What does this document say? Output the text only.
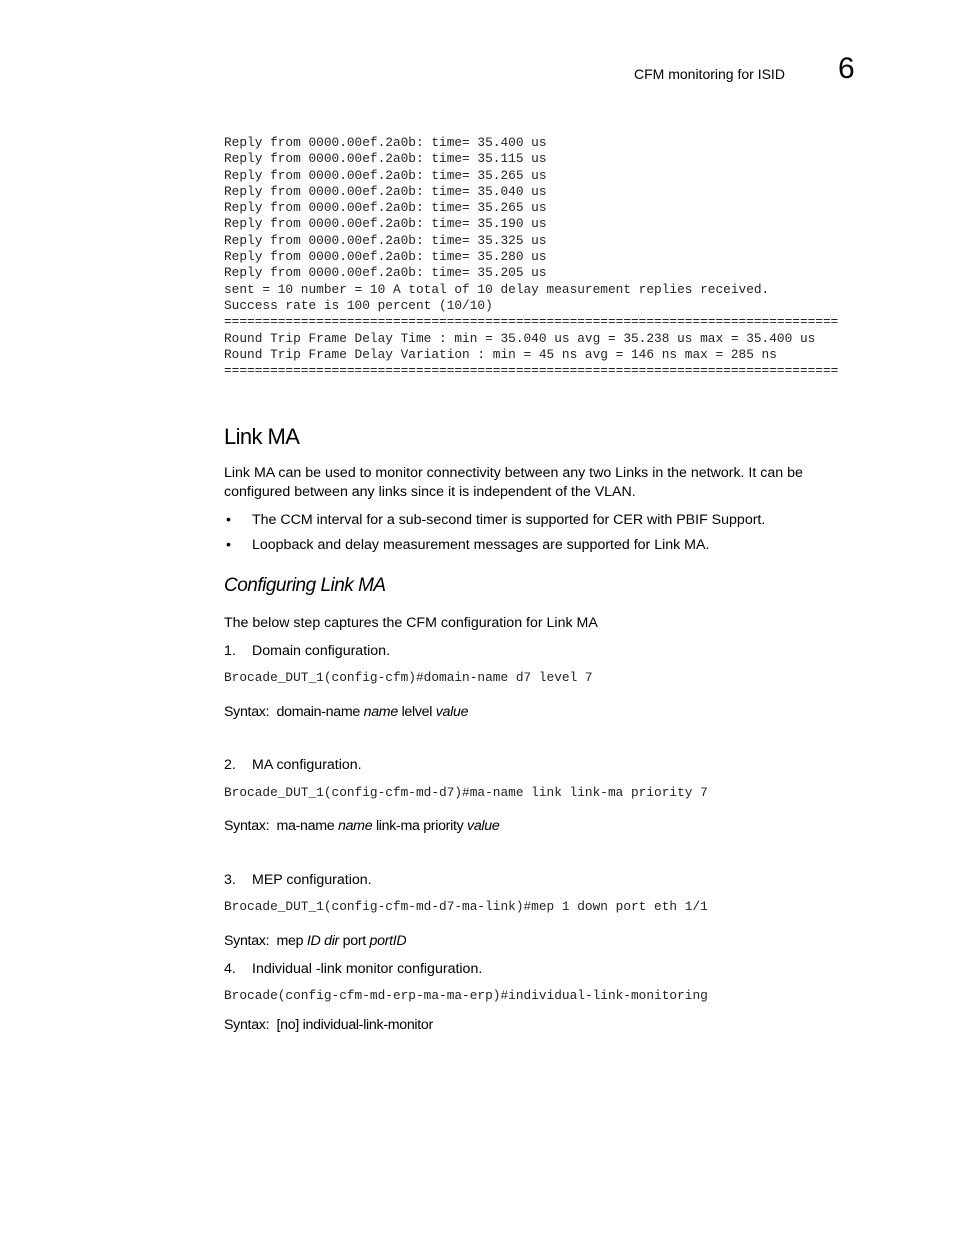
CFM monitoring for ISID 6
Reply from 0000.00ef.2a0b: time= 35.400 us
Reply from 0000.00ef.2a0b: time= 35.115 us
Reply from 0000.00ef.2a0b: time= 35.265 us
Reply from 0000.00ef.2a0b: time= 35.040 us
Reply from 0000.00ef.2a0b: time= 35.265 us
Reply from 0000.00ef.2a0b: time= 35.190 us
Reply from 0000.00ef.2a0b: time= 35.325 us
Reply from 0000.00ef.2a0b: time= 35.280 us
Reply from 0000.00ef.2a0b: time= 35.205 us
sent = 10 number = 10 A total of 10 delay measurement replies received.
Success rate is 100 percent (10/10)
================================================================================
Round Trip Frame Delay Time : min = 35.040 us avg = 35.238 us max = 35.400 us
Round Trip Frame Delay Variation : min = 45 ns avg = 146 ns max = 285 ns
================================================================================
Link MA
Link MA can be used to monitor connectivity between any two Links in the network. It can be configured between any links since it is independent of the VLAN.
• The CCM interval for a sub-second timer is supported for CER with PBIF Support.
• Loopback and delay measurement messages are supported for Link MA.
Configuring Link MA
The below step captures the CFM configuration for Link MA
1. Domain configuration.
Brocade_DUT_1(config-cfm)#domain-name d7 level 7
Syntax: domain-name name lelvel value
2. MA configuration.
Brocade_DUT_1(config-cfm-md-d7)#ma-name link link-ma priority 7
Syntax: ma-name name link-ma priority value
3. MEP configuration.
Brocade_DUT_1(config-cfm-md-d7-ma-link)#mep 1 down port eth 1/1
Syntax: mep ID dir port portID
4. Individual -link monitor configuration.
Brocade(config-cfm-md-erp-ma-ma-erp)#individual-link-monitoring
Syntax: [no] individual-link-monitor
